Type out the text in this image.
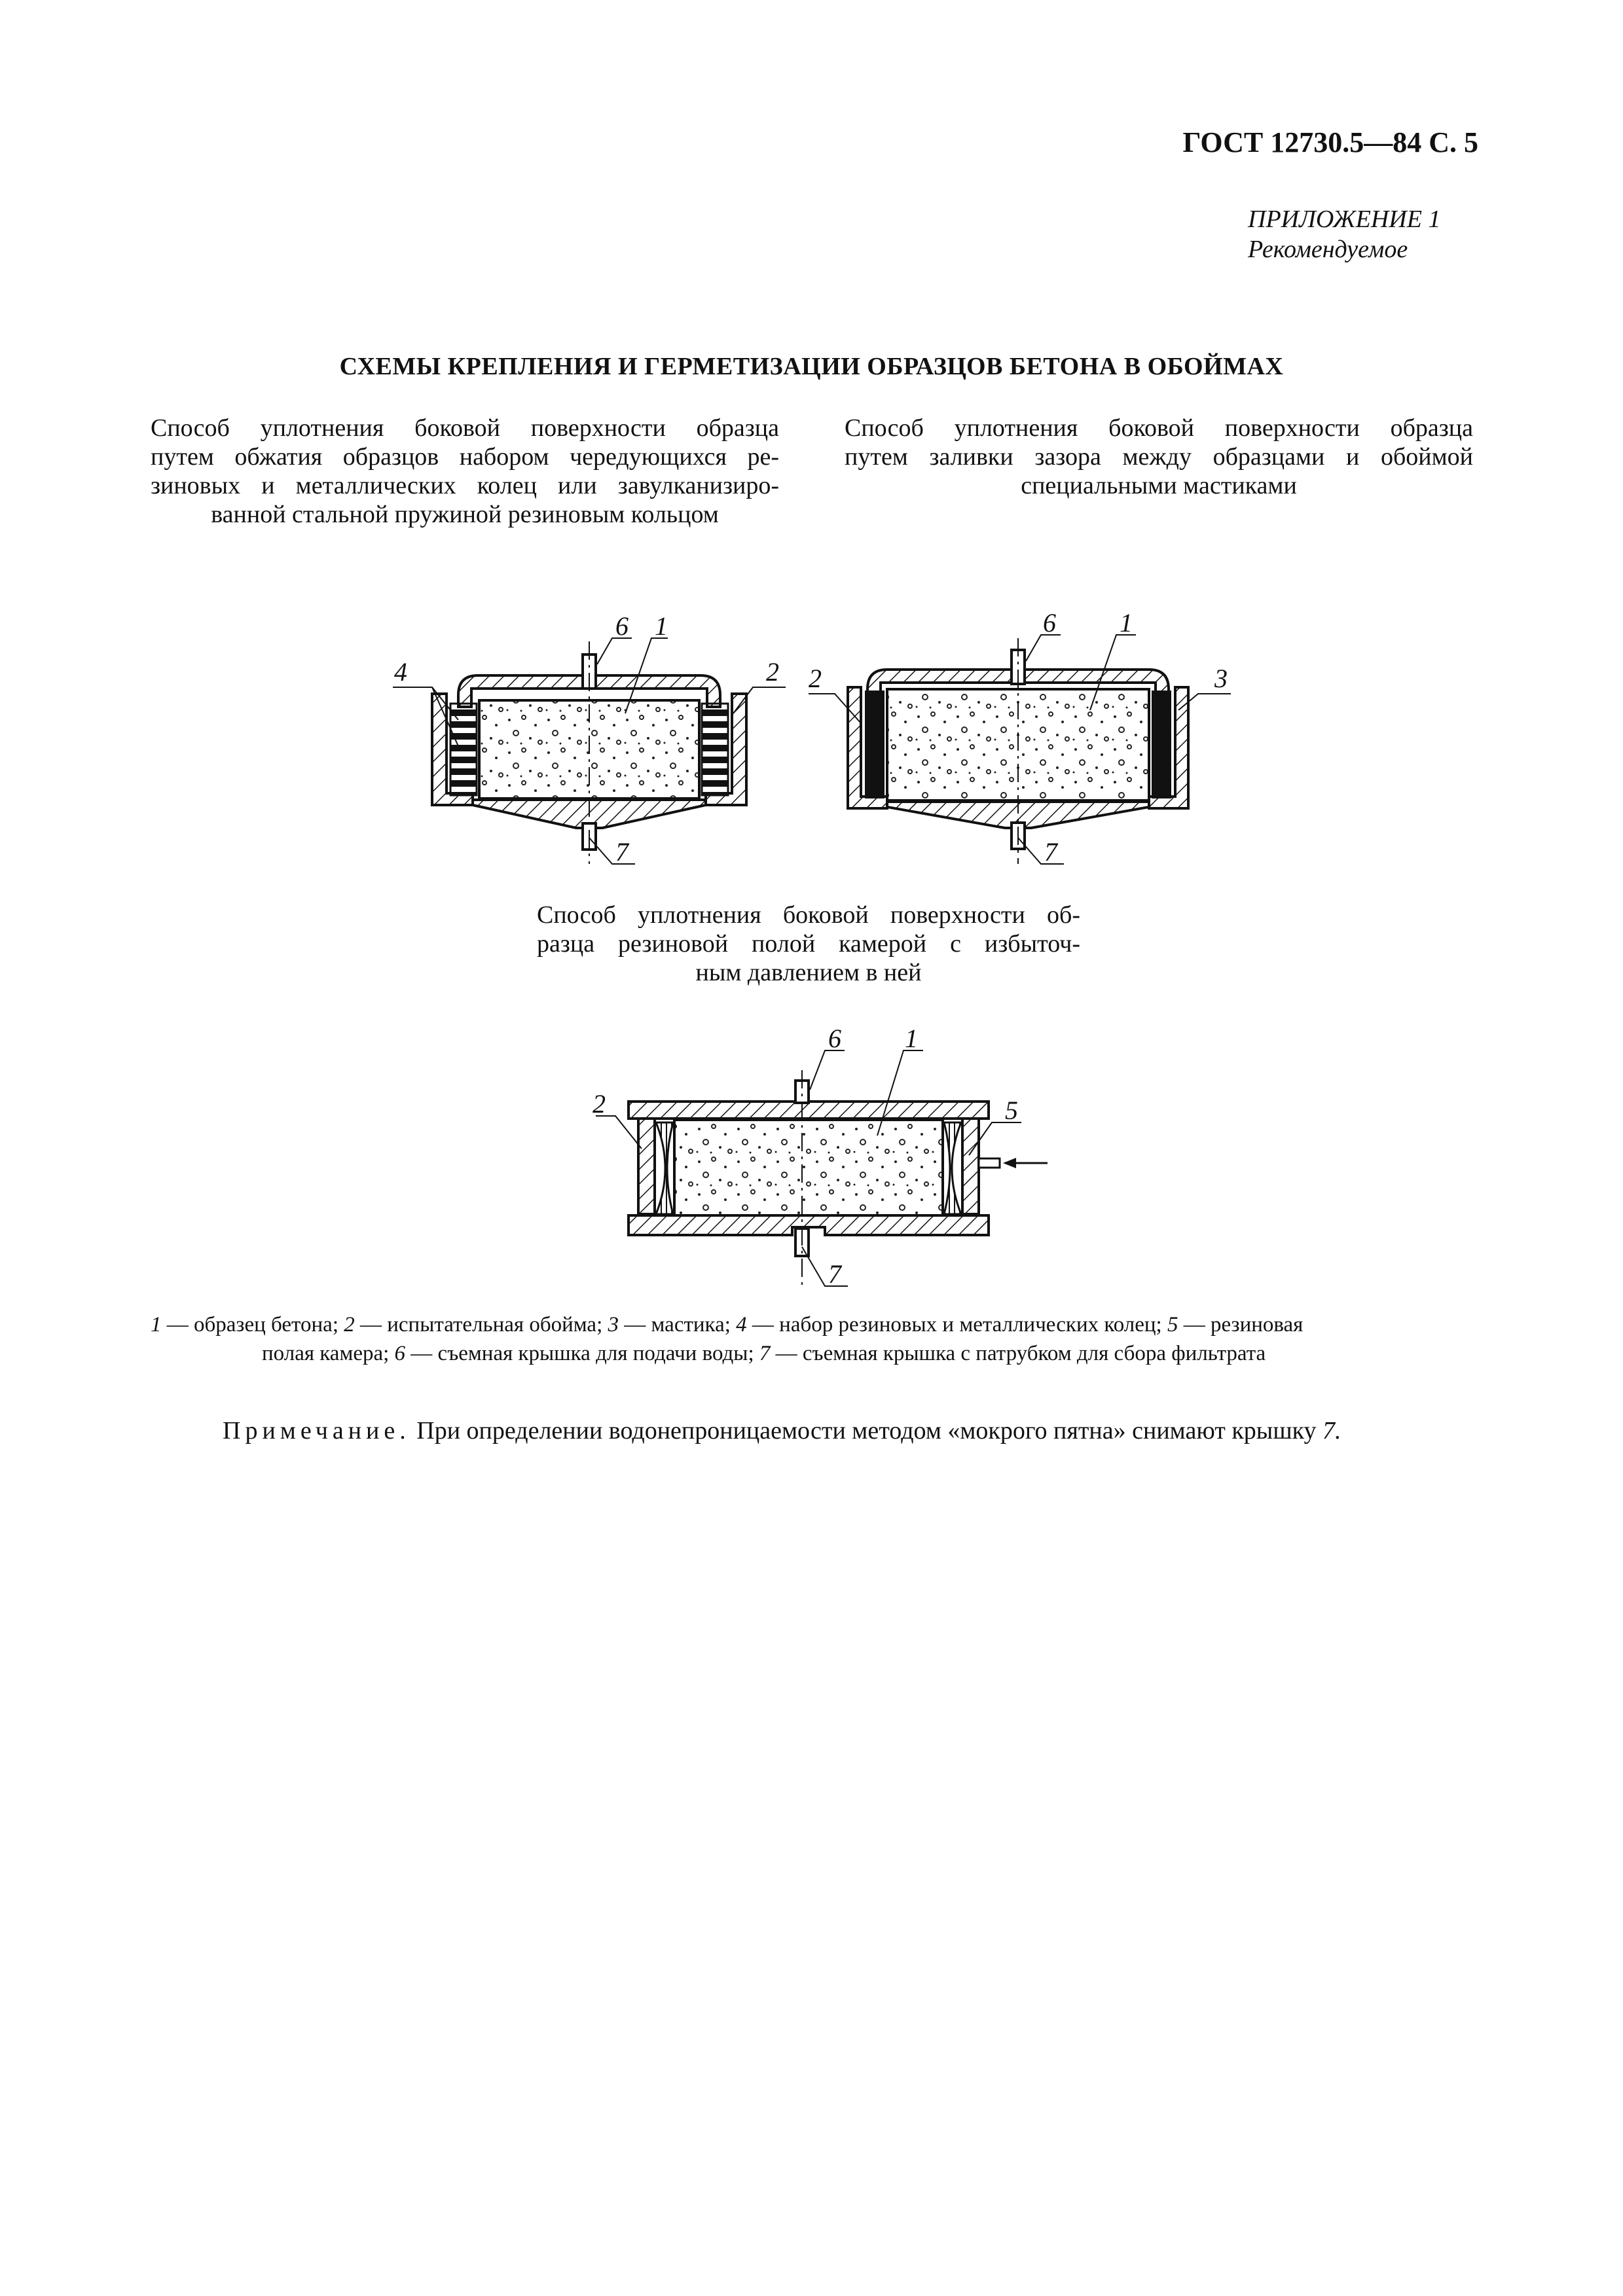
ГОСТ 12730.5—84 С. 5
ПРИЛОЖЕНИЕ 1
Рекомендуемое
СХЕМЫ КРЕПЛЕНИЯ И ГЕРМЕТИЗАЦИИ ОБРАЗЦОВ БЕТОНА В ОБОЙМАХ
Способ уплотнения боковой поверхности образца
путем обжатия образцов набором чередующихся ре-
зиновых и металлических колец или завулканизиро-
ванной стальной пружиной резиновым кольцом
Способ уплотнения боковой поверхности образца
путем заливки зазора между образцами и обоймой
специальными мастиками
6 1
4	2
7
6 1
2	3
7
Способ уплотнения боковой поверхности об-
разца резиновой полой камерой с избыточ-
ным давлением в ней
6 1
2	5
7
1 — образец бетона; 2 — испытательная обойма; 3 — мастика; 4 — набор резиновых и металлических колец; 5 — резиновая
полая камера; 6 — съемная крышка для подачи воды; 7 — съемная крышка с патрубком для сбора фильтрата
Примечание. При определении водонепроницаемости методом «мокрого пятна» снимают крышку 7.
